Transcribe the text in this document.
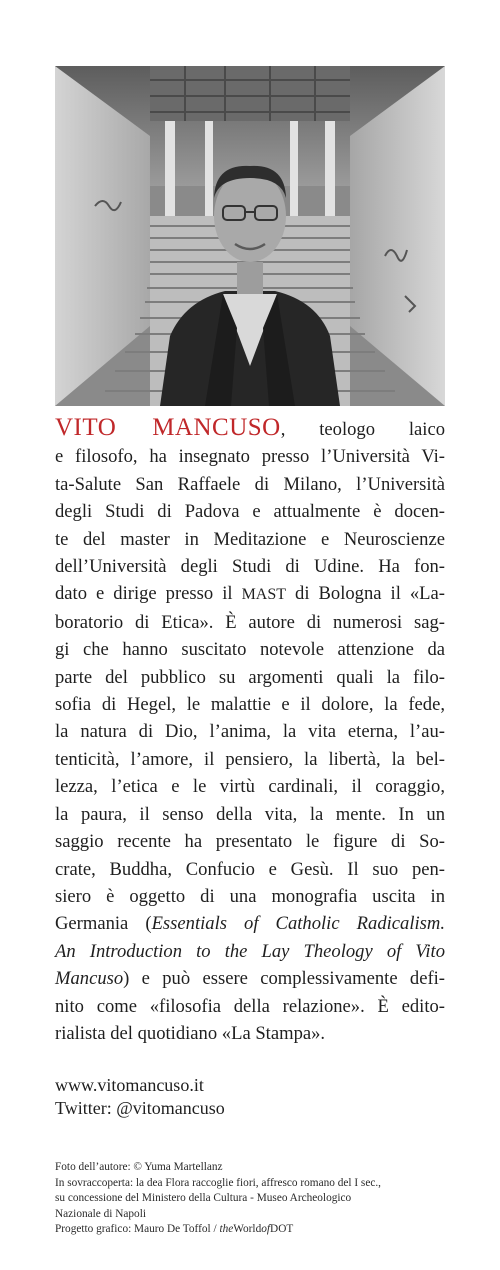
VITO MANCUSO, teologo laico
e filosofo, ha insegnato presso l’Università Vi-
ta-Salute San Raffaele di Milano, l’Università
degli Studi di Padova e attualmente è docen-
te del master in Meditazione e Neuroscienze
dell’Università degli Studi di Udine. Ha fon-
dato e dirige presso il MAST di Bologna il «La-
boratorio di Etica». È autore di numerosi sag-
gi che hanno suscitato notevole attenzione da
parte del pubblico su argomenti quali la filo-
sofia di Hegel, le malattie e il dolore, la fede,
la natura di Dio, l’anima, la vita eterna, l’au-
tenticità, l’amore, il pensiero, la libertà, la bel-
lezza, l’etica e le virtù cardinali, il coraggio,
la paura, il senso della vita, la mente. In un
saggio recente ha presentato le figure di So-
crate, Buddha, Confucio e Gesù. Il suo pen-
siero è oggetto di una monografia uscita in
Germania (Essentials of Catholic Radicalism.
An Introduction to the Lay Theology of Vito
Mancuso) e può essere complessivamente defi-
nito come «filosofia della relazione». È edito-
rialista del quotidiano «La Stampa».
www.vitomancuso.it
Twitter: @vitomancuso
Foto dell’autore: © Yuma Martellanz
In sovraccoperta: la dea Flora raccoglie fiori, affresco romano del I sec.,
su concessione del Ministero della Cultura - Museo Archeologico
Nazionale di Napoli
Progetto grafico: Mauro De Toffol / theWorldofDOT
